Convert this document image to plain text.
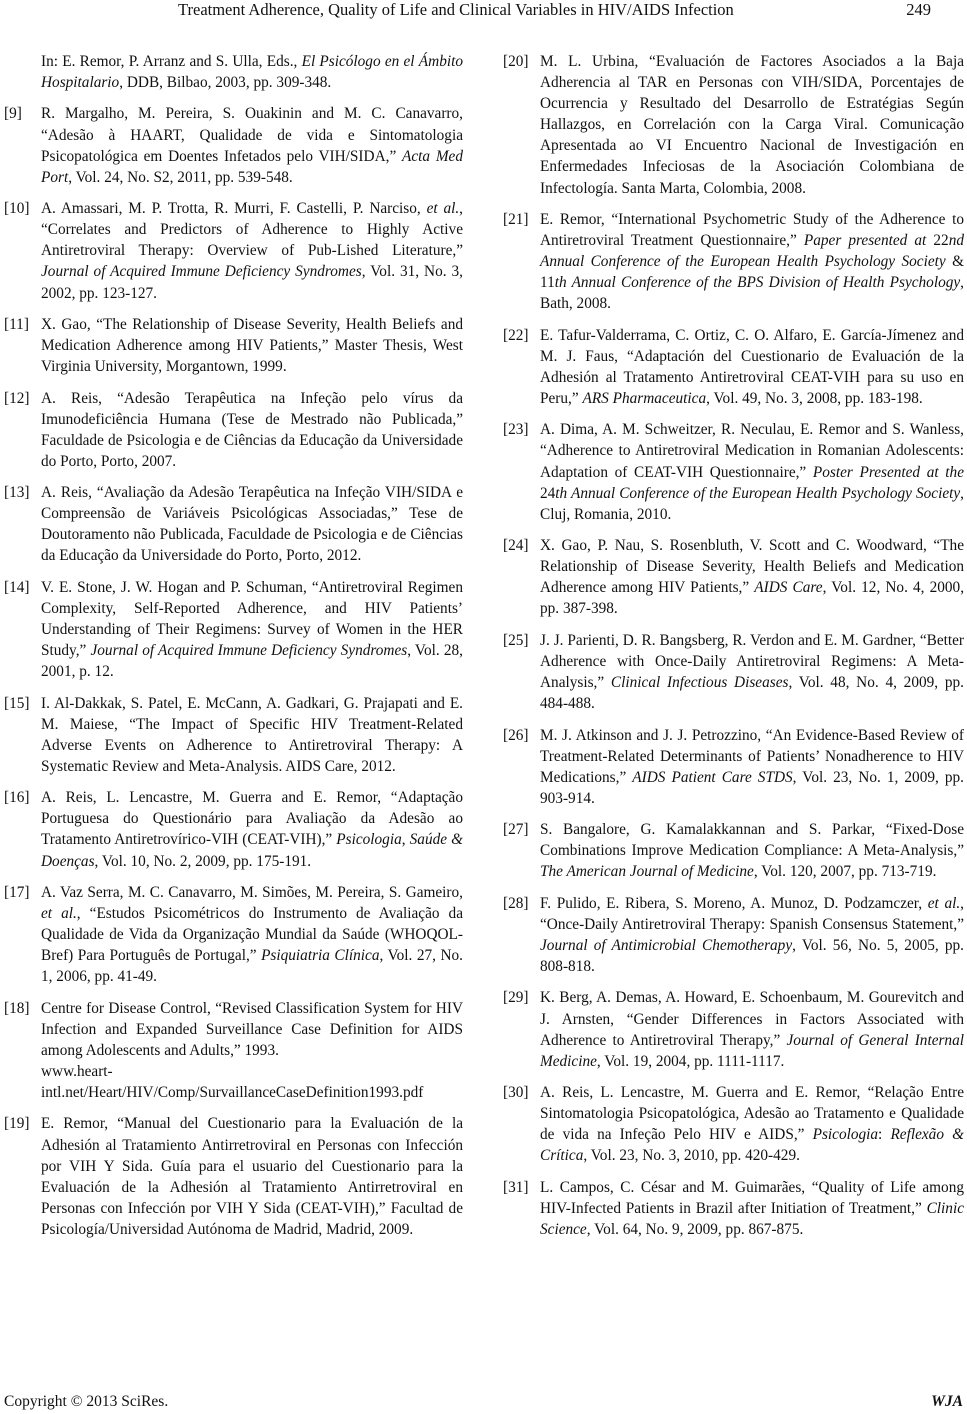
Treatment Adherence, Quality of Life and Clinical Variables in HIV/AIDS Infection	249
In: E. Remor, P. Arranz and S. Ulla, Eds., El Psicólogo en el Ámbito Hospitalario, DDB, Bilbao, 2003, pp. 309-348.
[9] R. Margalho, M. Pereira, S. Ouakinin and M. C. Canavarro, “Adesão à HAART, Qualidade de vida e Sintomatologia Psicopatológica em Doentes Infetados pelo VIH/SIDA,” Acta Med Port, Vol. 24, No. S2, 2011, pp. 539-548.
[10] A. Amassari, M. P. Trotta, R. Murri, F. Castelli, P. Narciso, et al., “Correlates and Predictors of Adherence to Highly Active Antiretroviral Therapy: Overview of Pub-Lished Literature,” Journal of Acquired Immune Deficiency Syndromes, Vol. 31, No. 3, 2002, pp. 123-127.
[11] X. Gao, “The Relationship of Disease Severity, Health Beliefs and Medication Adherence among HIV Patients,” Master Thesis, West Virginia University, Morgantown, 1999.
[12] A. Reis, “Adesão Terapêutica na Infeção pelo vírus da Imunodeficiência Humana (Tese de Mestrado não Publicada,” Faculdade de Psicologia e de Ciências da Educação da Universidade do Porto, Porto, 2007.
[13] A. Reis, “Avaliação da Adesão Terapêutica na Infeção VIH/SIDA e Compreensão de Variáveis Psicológicas Associadas,” Tese de Doutoramento não Publicada, Faculdade de Psicologia e de Ciências da Educação da Universidade do Porto, Porto, 2012.
[14] V. E. Stone, J. W. Hogan and P. Schuman, “Antiretroviral Regimen Complexity, Self-Reported Adherence, and HIV Patients’ Understanding of Their Regimens: Survey of Women in the HER Study,” Journal of Acquired Immune Deficiency Syndromes, Vol. 28, 2001, p. 12.
[15] I. Al-Dakkak, S. Patel, E. McCann, A. Gadkari, G. Prajapati and E. M. Maiese, “The Impact of Specific HIV Treatment-Related Adverse Events on Adherence to Antiretroviral Therapy: A Systematic Review and Meta-Analysis. AIDS Care, 2012.
[16] A. Reis, L. Lencastre, M. Guerra and E. Remor, “Adaptação Portuguesa do Questionário para Avaliação da Adesão ao Tratamento Antiretrovírico-VIH (CEAT-VIH),” Psicologia, Saúde & Doenças, Vol. 10, No. 2, 2009, pp. 175-191.
[17] A. Vaz Serra, M. C. Canavarro, M. Simões, M. Pereira, S. Gameiro, et al., “Estudos Psicométricos do Instrumento de Avaliação da Qualidade de Vida da Organização Mundial da Saúde (WHOQOL-Bref) Para Português de Portugal,” Psiquiatria Clínica, Vol. 27, No. 1, 2006, pp. 41-49.
[18] Centre for Disease Control, “Revised Classification System for HIV Infection and Expanded Surveillance Case Definition for AIDS among Adolescents and Adults,” 1993.
www.heart-intl.net/Heart/HIV/Comp/SurvaillanceCaseDefinition1993.pdf
[19] E. Remor, “Manual del Cuestionario para la Evaluación de la Adhesión al Tratamiento Antirretroviral en Personas con Infección por VIH Y Sida. Guía para el usuario del Cuestionario para la Evaluación de la Adhesión al Tratamiento Antirretroviral en Personas con Infección por VIH Y Sida (CEAT-VIH),” Facultad de Psicología/Universidad Autónoma de Madrid, Madrid, 2009.
[20] M. L. Urbina, “Evaluación de Factores Asociados a la Baja Adherencia al TAR en Personas con VIH/SIDA, Porcentajes de Ocurrencia y Resultado del Desarrollo de Estratégias Según Hallazgos, en Correlación con la Carga Viral. Comunicação Apresentada ao VI Encuentro Nacional de Investigación en Enfermedades Infeciosas de la Asociación Colombiana de Infectología. Santa Marta, Colombia, 2008.
[21] E. Remor, “International Psychometric Study of the Adherence to Antiretroviral Treatment Questionnaire,” Paper presented at 22nd Annual Conference of the European Health Psychology Society & 11th Annual Conference of the BPS Division of Health Psychology, Bath, 2008.
[22] E. Tafur-Valderrama, C. Ortiz, C. O. Alfaro, E. García-Jímenez and M. J. Faus, “Adaptación del Cuestionario de Evaluación de la Adhesión al Tratamento Antiretroviral CEAT-VIH para su uso en Peru,” ARS Pharmaceutica, Vol. 49, No. 3, 2008, pp. 183-198.
[23] A. Dima, A. M. Schweitzer, R. Neculau, E. Remor and S. Wanless, “Adherence to Antiretroviral Medication in Romanian Adolescents: Adaptation of CEAT-VIH Questionnaire,” Poster Presented at the 24th Annual Conference of the European Health Psychology Society, Cluj, Romania, 2010.
[24] X. Gao, P. Nau, S. Rosenbluth, V. Scott and C. Woodward, “The Relationship of Disease Severity, Health Beliefs and Medication Adherence among HIV Patients,” AIDS Care, Vol. 12, No. 4, 2000, pp. 387-398.
[25] J. J. Parienti, D. R. Bangsberg, R. Verdon and E. M. Gardner, “Better Adherence with Once-Daily Antiretroviral Regimens: A Meta-Analysis,” Clinical Infectious Diseases, Vol. 48, No. 4, 2009, pp. 484-488.
[26] M. J. Atkinson and J. J. Petrozzino, “An Evidence-Based Review of Treatment-Related Determinants of Patients’ Nonadherence to HIV Medications,” AIDS Patient Care STDS, Vol. 23, No. 1, 2009, pp. 903-914.
[27] S. Bangalore, G. Kamalakkannan and S. Parkar, “Fixed-Dose Combinations Improve Medication Compliance: A Meta-Analysis,” The American Journal of Medicine, Vol. 120, 2007, pp. 713-719.
[28] F. Pulido, E. Ribera, S. Moreno, A. Munoz, D. Podzamczer, et al., “Once-Daily Antiretroviral Therapy: Spanish Consensus Statement,” Journal of Antimicrobial Chemotherapy, Vol. 56, No. 5, 2005, pp. 808-818.
[29] K. Berg, A. Demas, A. Howard, E. Schoenbaum, M. Gourevitch and J. Arnsten, “Gender Differences in Factors Associated with Adherence to Antiretroviral Therapy,” Journal of General Internal Medicine, Vol. 19, 2004, pp. 1111-1117.
[30] A. Reis, L. Lencastre, M. Guerra and E. Remor, “Relação Entre Sintomatologia Psicopatológica, Adesão ao Tratamento e Qualidade de vida na Infeção Pelo HIV e AIDS,” Psicologia: Reflexão & Crítica, Vol. 23, No. 3, 2010, pp. 420-429.
[31] L. Campos, C. César and M. Guimarães, “Quality of Life among HIV-Infected Patients in Brazil after Initiation of Treatment,” Clinic Science, Vol. 64, No. 9, 2009, pp. 867-875.
Copyright © 2013 SciRes.	WJA
